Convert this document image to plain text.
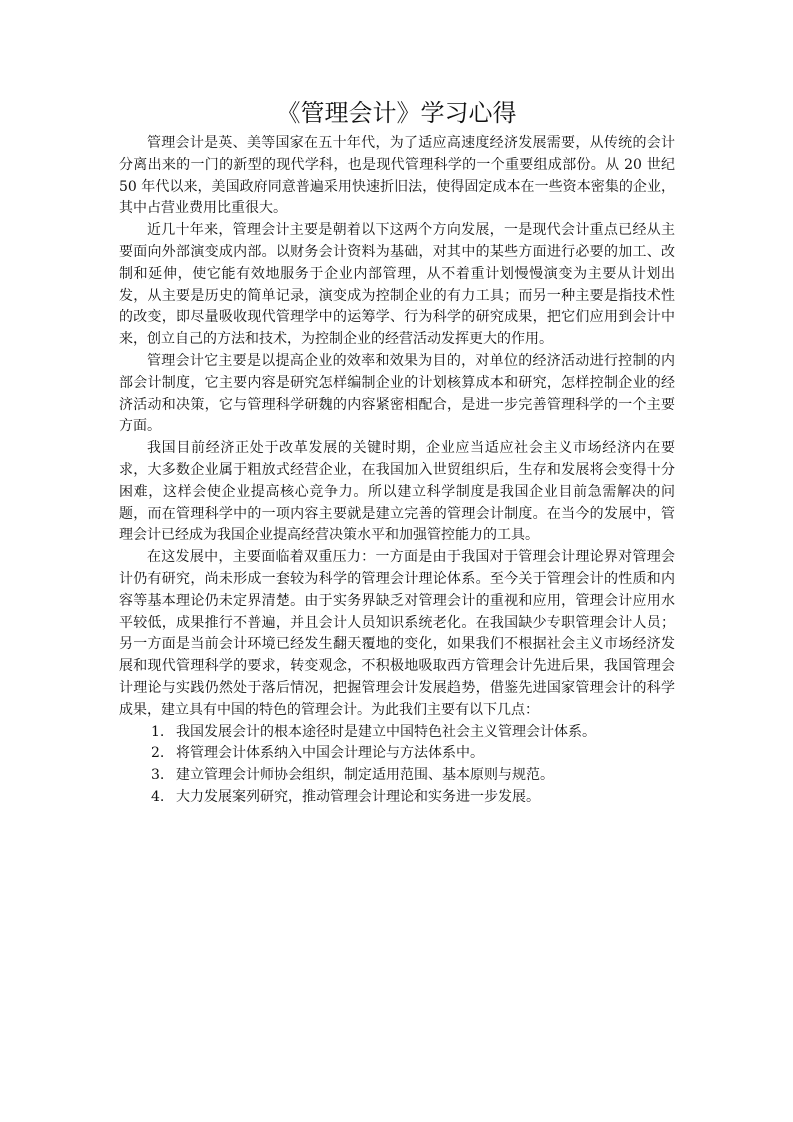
《管理会计》学习心得

管理会计是英、美等国家在五十年代，为了适应高速度经济发展需要，从传统的会计分离出来的一门的新型的现代学科，也是现代管理科学的一个重要组成部份。从 20 世纪 50 年代以来，美国政府同意普遍采用快速折旧法，使得固定成本在一些资本密集的企业， 其中占营业费用比重很大。

近几十年来，管理会计主要是朝着以下这两个方向发展，一是现代会计重点已经从主要面向外部演变成内部。以财务会计资料为基础，对其中的某些方面进行必要的加工、改制和延伸，使它能有效地服务于企业内部管理，从不着重计划慢慢演变为主要从计划出发，从主要是历史的简单记录，演变成为控制企业的有力工具；而另一种主要是指技术性的改变，即尽量吸收现代管理学中的运筹学、行为科学的研究成果，把它们应用到会计中来，创立自己的方法和技术，为控制企业的经营活动发挥更大的作用。

管理会计它主要是以提高企业的效率和效果为目的，对单位的经济活动进行控制的内部会计制度，它主要内容是研究怎样编制企业的计划核算成本和研究，怎样控制企业的经济活动和决策，它与管理科学研魏的内容紧密相配合，是进一步完善管理科学的一个主要方面。

我国目前经济正处于改革发展的关键时期，企业应当适应社会主义市场经济内在要求，大多数企业属于粗放式经营企业，在我国加入世贸组织后，生存和发展将会变得十分困难，这样会使企业提高核心竞争力。所以建立科学制度是我国企业目前急需解决的问题，而在管理科学中的一项内容主要就是建立完善的管理会计制度。在当今的发展中，管理会计已经成为我国企业提高经营决策水平和加强管控能力的工具。

在这发展中，主要面临着双重压力：一方面是由于我国对于管理会计理论界对管理会计仍有研究，尚未形成一套较为科学的管理会计理论体系。至今关于管理会计的性质和内容等基本理论仍未定界清楚。由于实务界缺乏对管理会计的重视和应用，管理会计应用水平较低，成果推行不普遍，并且会计人员知识系统老化。在我国缺少专职管理会计人员；另一方面是当前会计环境已经发生翻天覆地的变化，如果我们不根据社会主义市场经济发展和现代管理科学的要求，转变观念，不积极地吸取西方管理会计先进后果，我国管理会计理论与实践仍然处于落后情况，把握管理会计发展趋势，借鉴先进国家管理会计的科学成果，建立具有中国的特色的管理会计。为此我们主要有以下几点：

1. 我国发展会计的根本途径时是建立中国特色社会主义管理会计体系。
2. 将管理会计体系纳入中国会计理论与方法体系中。
3. 建立管理会计师协会组织，制定适用范围、基本原则与规范。
4. 大力发展案列研究，推动管理会计理论和实务进一步发展。
